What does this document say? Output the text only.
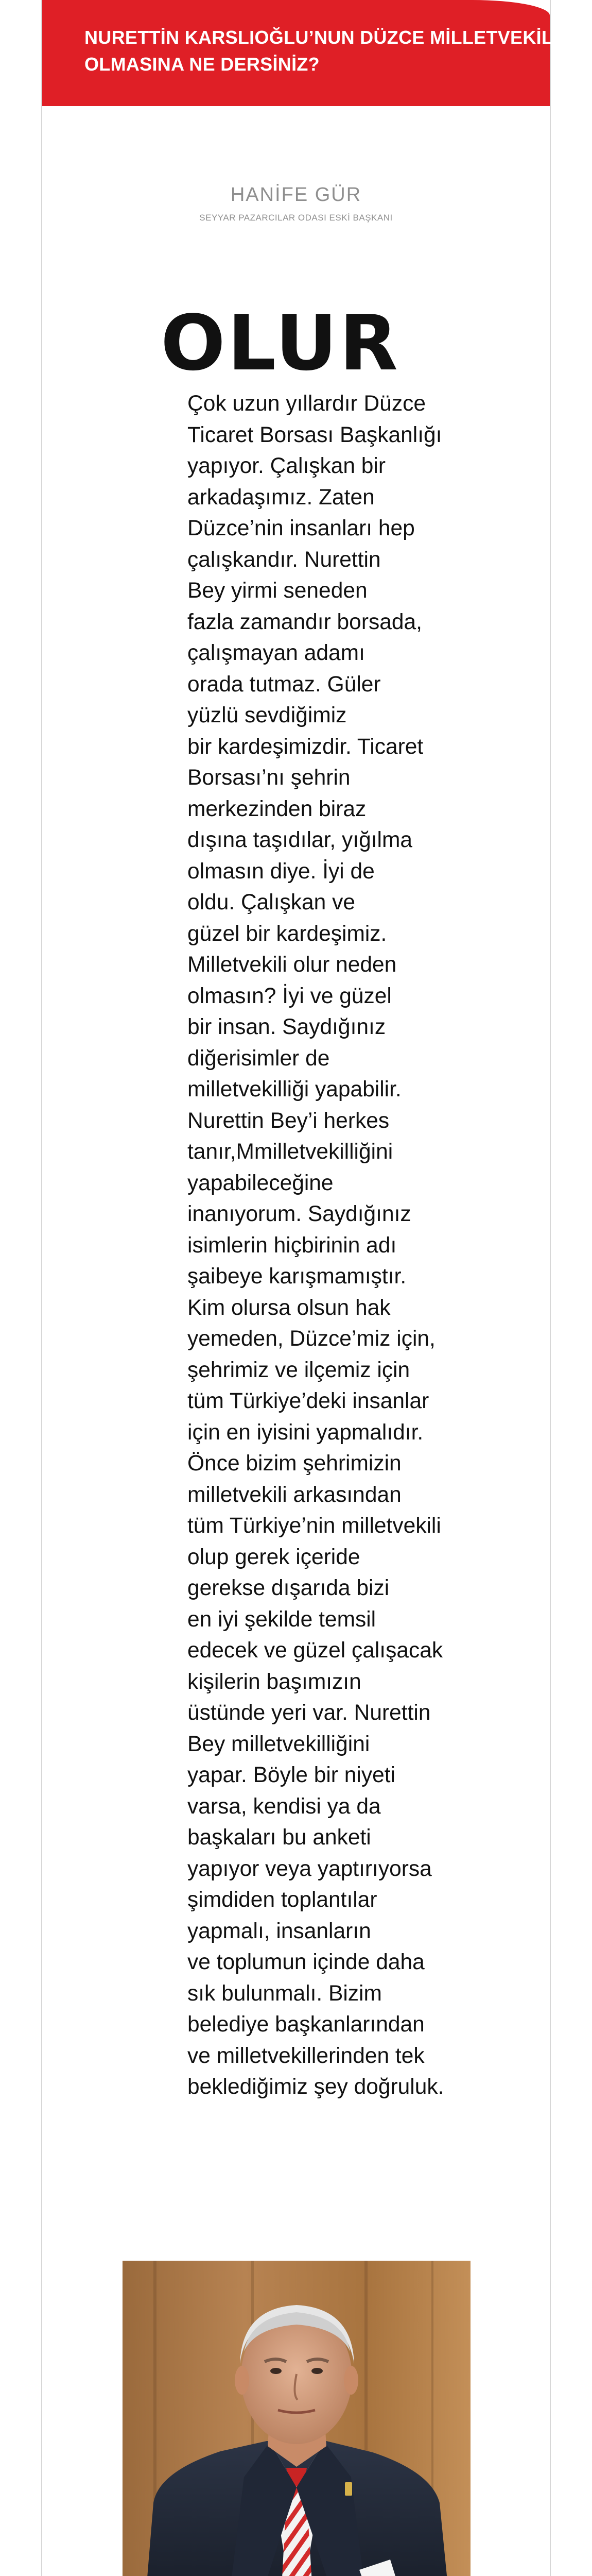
NURETTİN KARSLIOĞLU’NUN DÜZCE MİLLETVEKİLİ
OLMASINA NE DERSİNİZ?
HANİFE GÜR
SEYYAR PAZARCILAR ODASI ESKİ BAŞKANI
OLUR

Çok uzun yıllardır Düzce
Ticaret Borsası Başkanlığı
yapıyor. Çalışkan bir
arkadaşımız. Zaten
Düzce’nin insanları hep
çalışkandır. Nurettin
Bey yirmi seneden
fazla zamandır borsada,
çalışmayan adamı
orada tutmaz. Güler
yüzlü sevdiğimiz
bir kardeşimizdir. Ticaret
Borsası’nı şehrin
merkezinden biraz
dışına taşıdılar, yığılma
olmasın diye. İyi de
oldu. Çalışkan ve
güzel bir kardeşimiz.
Milletvekili olur neden
olmasın? İyi ve güzel
bir insan. Saydığınız
diğerisimler de
milletvekilliği yapabilir.
Nurettin Bey’i herkes
tanır,Mmilletvekilliğini
yapabileceğine
inanıyorum. Saydığınız
isimlerin hiçbirinin adı
şaibeye karışmamıştır.
Kim olursa olsun hak
yemeden, Düzce’miz için,
şehrimiz ve ilçemiz için
tüm Türkiye’deki insanlar
için en iyisini yapmalıdır.
Önce bizim şehrimizin
milletvekili arkasından
tüm Türkiye’nin milletvekili
olup gerek içeride
gerekse dışarıda bizi
en iyi şekilde temsil
edecek ve güzel çalışacak
kişilerin başımızın
üstünde yeri var. Nurettin
Bey milletvekilliğini
yapar. Böyle bir niyeti
varsa, kendisi ya da
başkaları bu anketi
yapıyor veya yaptırıyorsa
şimdiden toplantılar
yapmalı, insanların
ve toplumun içinde daha
sık bulunmalı. Bizim
belediye başkanlarından
ve milletvekillerinden tek
beklediğimiz şey doğruluk.
